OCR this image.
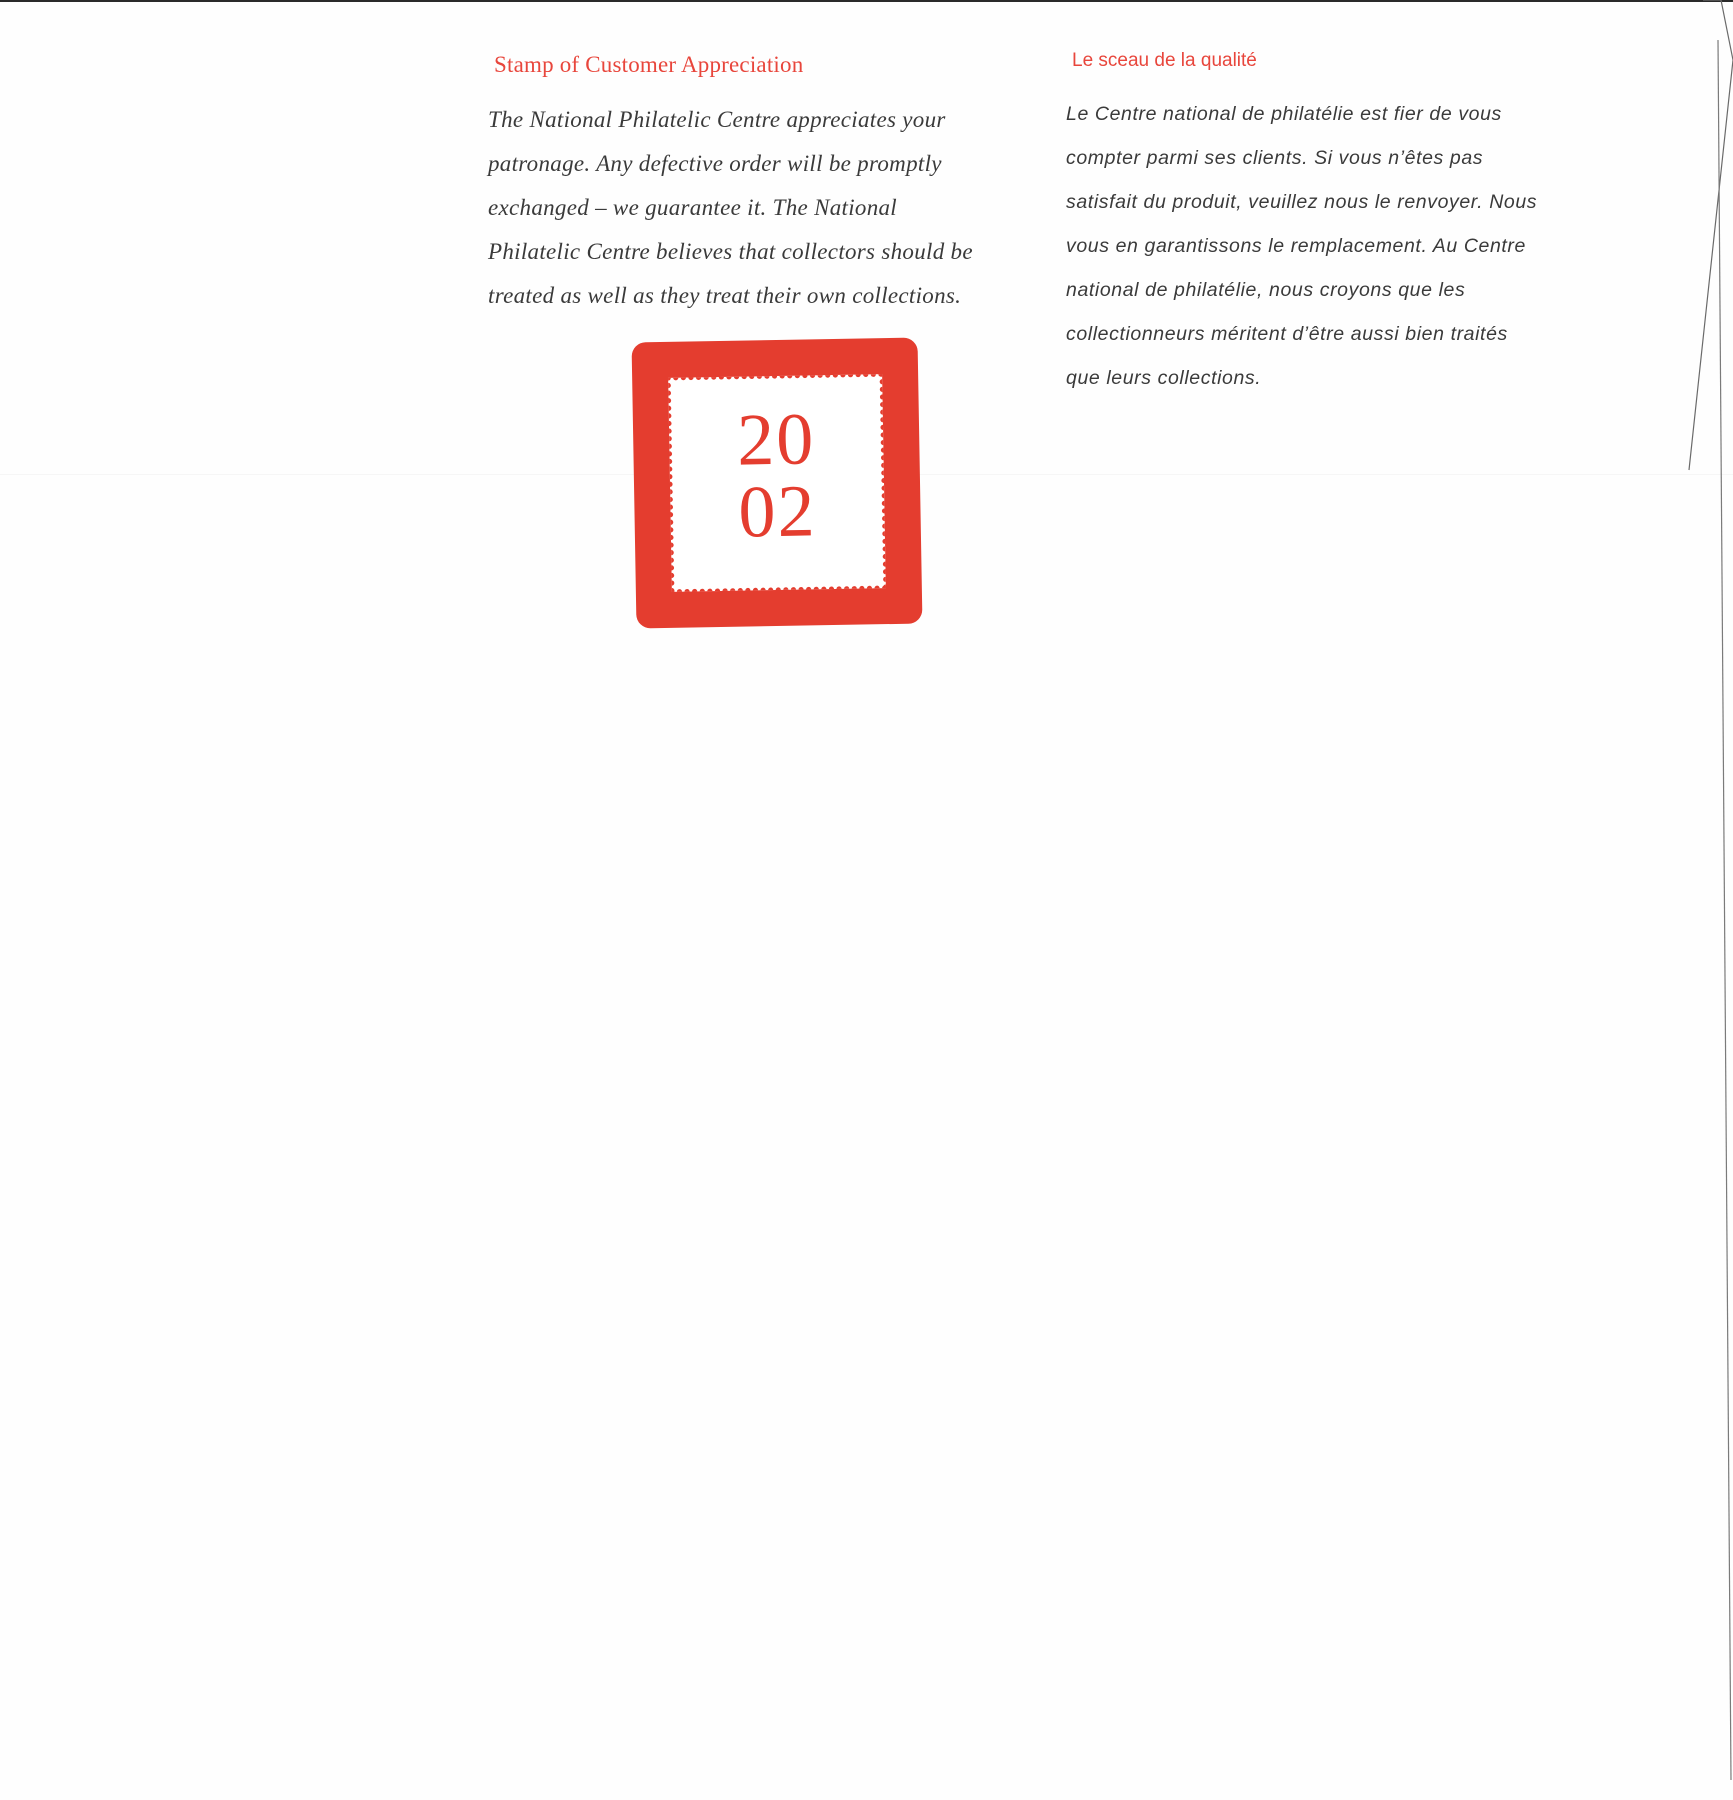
Stamp of Customer Appreciation

The National Philatelic Centre appreciates your
patronage. Any defective order will be promptly
exchanged – we guarantee it. The National
Philatelic Centre believes that collectors should be
treated as well as they treat their own collections.

Le sceau de la qualité

Le Centre national de philatélie est fier de vous
compter parmi ses clients. Si vous n’êtes pas
satisfait du produit, veuillez nous le renvoyer. Nous
vous en garantissons le remplacement. Au Centre
national de philatélie, nous croyons que les
collectionneurs méritent d’être aussi bien traités
que leurs collections.

20
02
